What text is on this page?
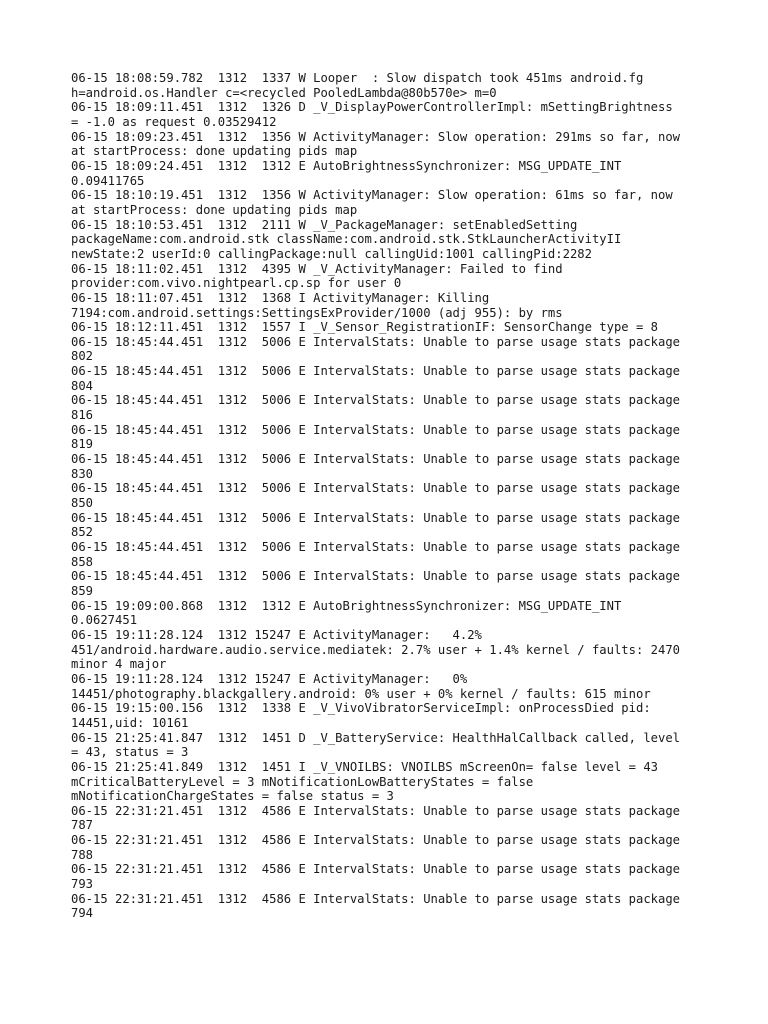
06-15 18:08:59.782  1312  1337 W Looper  : Slow dispatch took 451ms android.fg
h=android.os.Handler c=<recycled PooledLambda@80b570e> m=0
06-15 18:09:11.451  1312  1326 D _V_DisplayPowerControllerImpl: mSettingBrightness
= -1.0 as request 0.03529412
06-15 18:09:23.451  1312  1356 W ActivityManager: Slow operation: 291ms so far, now
at startProcess: done updating pids map
06-15 18:09:24.451  1312  1312 E AutoBrightnessSynchronizer: MSG_UPDATE_INT
0.09411765
06-15 18:10:19.451  1312  1356 W ActivityManager: Slow operation: 61ms so far, now
at startProcess: done updating pids map
06-15 18:10:53.451  1312  2111 W _V_PackageManager: setEnabledSetting
packageName:com.android.stk className:com.android.stk.StkLauncherActivityII
newState:2 userId:0 callingPackage:null callingUid:1001 callingPid:2282
06-15 18:11:02.451  1312  4395 W _V_ActivityManager: Failed to find
provider:com.vivo.nightpearl.cp.sp for user 0
06-15 18:11:07.451  1312  1368 I ActivityManager: Killing
7194:com.android.settings:SettingsExProvider/1000 (adj 955): by rms
06-15 18:12:11.451  1312  1557 I _V_Sensor_RegistrationIF: SensorChange type = 8
06-15 18:45:44.451  1312  5006 E IntervalStats: Unable to parse usage stats package
802
06-15 18:45:44.451  1312  5006 E IntervalStats: Unable to parse usage stats package
804
06-15 18:45:44.451  1312  5006 E IntervalStats: Unable to parse usage stats package
816
06-15 18:45:44.451  1312  5006 E IntervalStats: Unable to parse usage stats package
819
06-15 18:45:44.451  1312  5006 E IntervalStats: Unable to parse usage stats package
830
06-15 18:45:44.451  1312  5006 E IntervalStats: Unable to parse usage stats package
850
06-15 18:45:44.451  1312  5006 E IntervalStats: Unable to parse usage stats package
852
06-15 18:45:44.451  1312  5006 E IntervalStats: Unable to parse usage stats package
858
06-15 18:45:44.451  1312  5006 E IntervalStats: Unable to parse usage stats package
859
06-15 19:09:00.868  1312  1312 E AutoBrightnessSynchronizer: MSG_UPDATE_INT
0.0627451
06-15 19:11:28.124  1312 15247 E ActivityManager:   4.2%
451/android.hardware.audio.service.mediatek: 2.7% user + 1.4% kernel / faults: 2470
minor 4 major
06-15 19:11:28.124  1312 15247 E ActivityManager:   0%
14451/photography.blackgallery.android: 0% user + 0% kernel / faults: 615 minor
06-15 19:15:00.156  1312  1338 E _V_VivoVibratorServiceImpl: onProcessDied pid:
14451,uid: 10161
06-15 21:25:41.847  1312  1451 D _V_BatteryService: HealthHalCallback called, level
= 43, status = 3
06-15 21:25:41.849  1312  1451 I _V_VNOILBS: VNOILBS mScreenOn= false level = 43
mCriticalBatteryLevel = 3 mNotificationLowBatteryStates = false
mNotificationChargeStates = false status = 3
06-15 22:31:21.451  1312  4586 E IntervalStats: Unable to parse usage stats package
787
06-15 22:31:21.451  1312  4586 E IntervalStats: Unable to parse usage stats package
788
06-15 22:31:21.451  1312  4586 E IntervalStats: Unable to parse usage stats package
793
06-15 22:31:21.451  1312  4586 E IntervalStats: Unable to parse usage stats package
794
